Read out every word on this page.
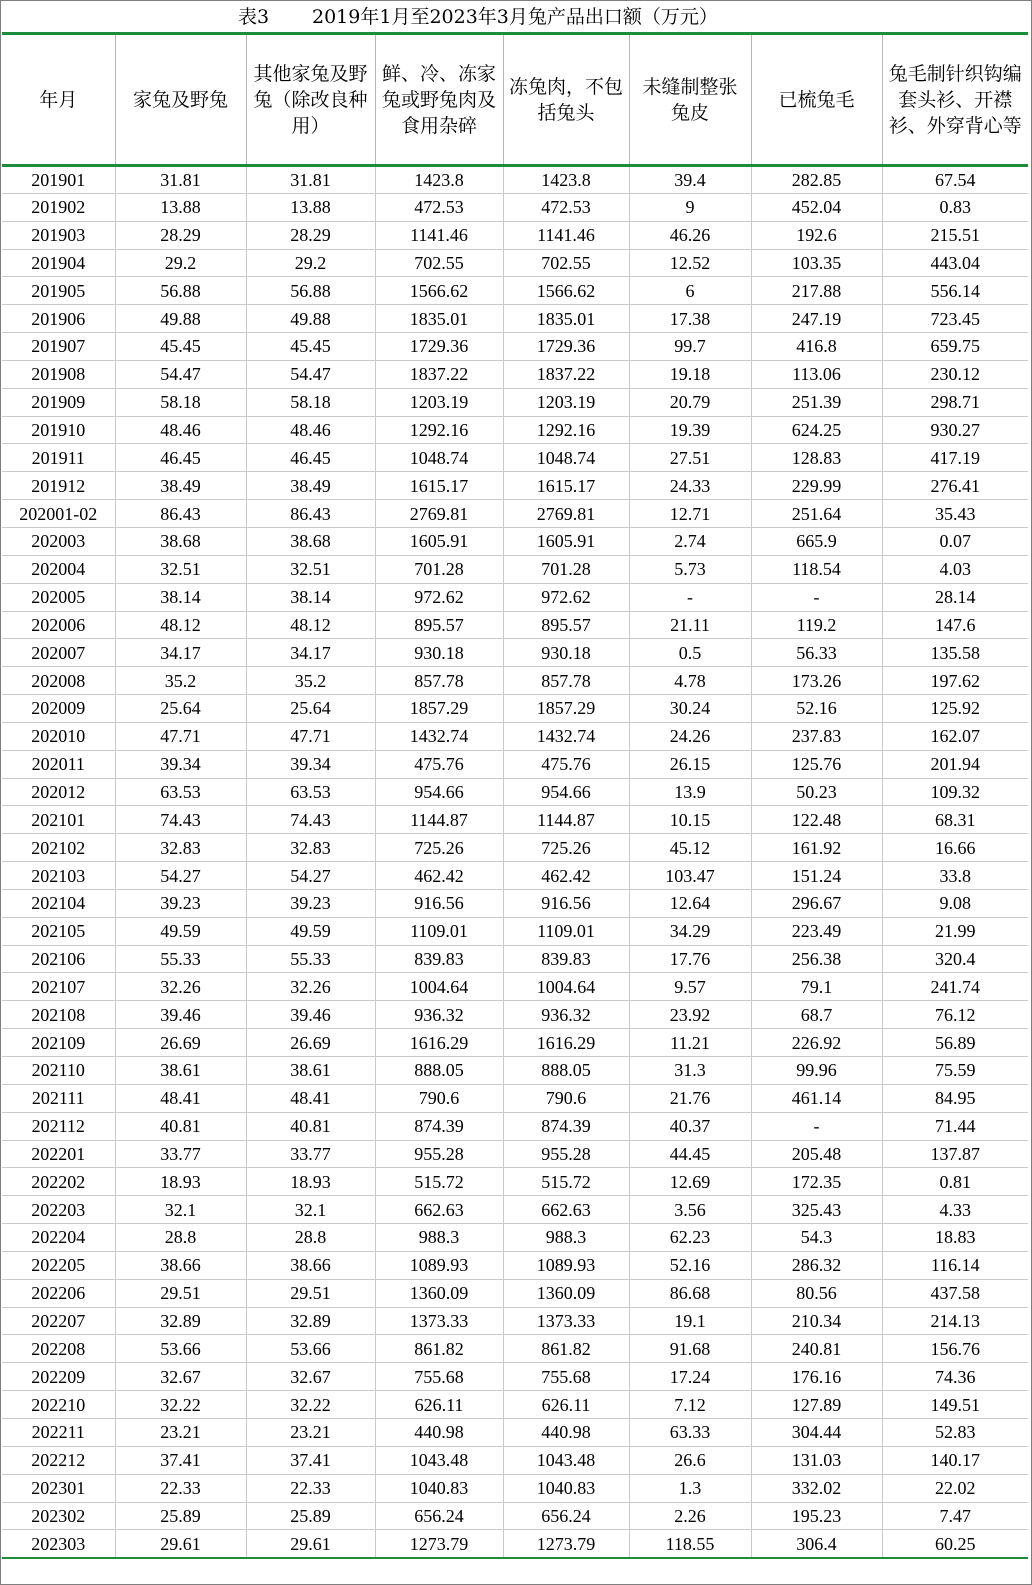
表3

2019年1月至2023年3月兔产品出口额（万元）

年月	家兔及野兔	其他家兔及野兔（除改良种用）	鲜、冷、冻家兔或野兔肉及食用杂碎	冻兔肉，不包括兔头	未缝制整张兔皮	已梳兔毛	兔毛制针织钩编套头衫、开襟衫、外穿背心等
201901	31.81	31.81	1423.8	1423.8	39.4	282.85	67.54
201902	13.88	13.88	472.53	472.53	9	452.04	0.83
201903	28.29	28.29	1141.46	1141.46	46.26	192.6	215.51
201904	29.2	29.2	702.55	702.55	12.52	103.35	443.04
201905	56.88	56.88	1566.62	1566.62	6	217.88	556.14
201906	49.88	49.88	1835.01	1835.01	17.38	247.19	723.45
201907	45.45	45.45	1729.36	1729.36	99.7	416.8	659.75
201908	54.47	54.47	1837.22	1837.22	19.18	113.06	230.12
201909	58.18	58.18	1203.19	1203.19	20.79	251.39	298.71
201910	48.46	48.46	1292.16	1292.16	19.39	624.25	930.27
201911	46.45	46.45	1048.74	1048.74	27.51	128.83	417.19
201912	38.49	38.49	1615.17	1615.17	24.33	229.99	276.41
202001-02	86.43	86.43	2769.81	2769.81	12.71	251.64	35.43
202003	38.68	38.68	1605.91	1605.91	2.74	665.9	0.07
202004	32.51	32.51	701.28	701.28	5.73	118.54	4.03
202005	38.14	38.14	972.62	972.62	-	-	28.14
202006	48.12	48.12	895.57	895.57	21.11	119.2	147.6
202007	34.17	34.17	930.18	930.18	0.5	56.33	135.58
202008	35.2	35.2	857.78	857.78	4.78	173.26	197.62
202009	25.64	25.64	1857.29	1857.29	30.24	52.16	125.92
202010	47.71	47.71	1432.74	1432.74	24.26	237.83	162.07
202011	39.34	39.34	475.76	475.76	26.15	125.76	201.94
202012	63.53	63.53	954.66	954.66	13.9	50.23	109.32
202101	74.43	74.43	1144.87	1144.87	10.15	122.48	68.31
202102	32.83	32.83	725.26	725.26	45.12	161.92	16.66
202103	54.27	54.27	462.42	462.42	103.47	151.24	33.8
202104	39.23	39.23	916.56	916.56	12.64	296.67	9.08
202105	49.59	49.59	1109.01	1109.01	34.29	223.49	21.99
202106	55.33	55.33	839.83	839.83	17.76	256.38	320.4
202107	32.26	32.26	1004.64	1004.64	9.57	79.1	241.74
202108	39.46	39.46	936.32	936.32	23.92	68.7	76.12
202109	26.69	26.69	1616.29	1616.29	11.21	226.92	56.89
202110	38.61	38.61	888.05	888.05	31.3	99.96	75.59
202111	48.41	48.41	790.6	790.6	21.76	461.14	84.95
202112	40.81	40.81	874.39	874.39	40.37	-	71.44
202201	33.77	33.77	955.28	955.28	44.45	205.48	137.87
202202	18.93	18.93	515.72	515.72	12.69	172.35	0.81
202203	32.1	32.1	662.63	662.63	3.56	325.43	4.33
202204	28.8	28.8	988.3	988.3	62.23	54.3	18.83
202205	38.66	38.66	1089.93	1089.93	52.16	286.32	116.14
202206	29.51	29.51	1360.09	1360.09	86.68	80.56	437.58
202207	32.89	32.89	1373.33	1373.33	19.1	210.34	214.13
202208	53.66	53.66	861.82	861.82	91.68	240.81	156.76
202209	32.67	32.67	755.68	755.68	17.24	176.16	74.36
202210	32.22	32.22	626.11	626.11	7.12	127.89	149.51
202211	23.21	23.21	440.98	440.98	63.33	304.44	52.83
202212	37.41	37.41	1043.48	1043.48	26.6	131.03	140.17
202301	22.33	22.33	1040.83	1040.83	1.3	332.02	22.02
202302	25.89	25.89	656.24	656.24	2.26	195.23	7.47
202303	29.61	29.61	1273.79	1273.79	118.55	306.4	60.25
